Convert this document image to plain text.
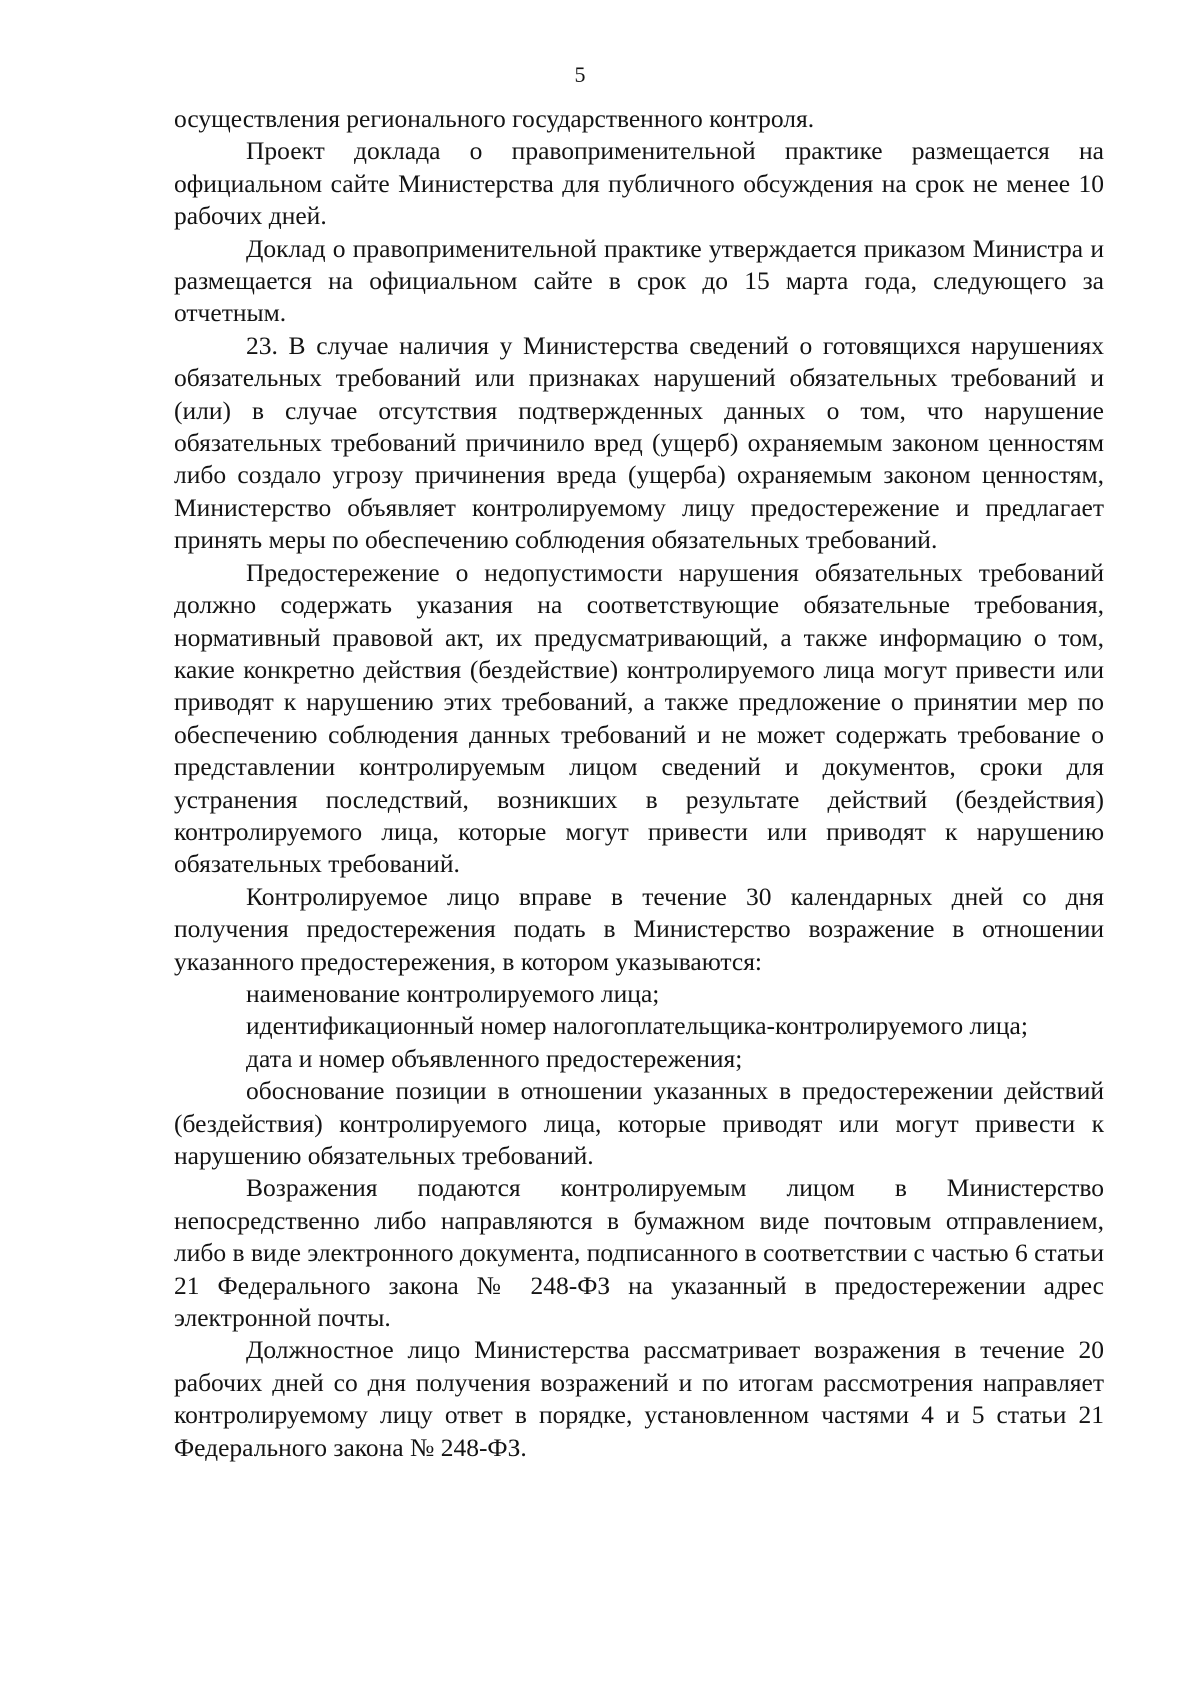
5

осуществления регионального государственного контроля.

Проект доклада о правоприменительной практике размещается на официальном сайте Министерства для публичного обсуждения на срок не менее 10 рабочих дней.

Доклад о правоприменительной практике утверждается приказом Министра и размещается на официальном сайте в срок до 15 марта года, следующего за отчетным.

23. В случае наличия у Министерства сведений о готовящихся нарушениях обязательных требований или признаках нарушений обязательных требований и (или) в случае отсутствия подтвержденных данных о том, что нарушение обязательных требований причинило вред (ущерб) охраняемым законом ценностям либо создало угрозу причинения вреда (ущерба) охраняемым законом ценностям, Министерство объявляет контролируемому лицу предостережение и предлагает принять меры по обеспечению соблюдения обязательных требований.

Предостережение о недопустимости нарушения обязательных требований должно содержать указания на соответствующие обязательные требования, нормативный правовой акт, их предусматривающий, а также информацию о том, какие конкретно действия (бездействие) контролируемого лица могут привести или приводят к нарушению этих требований, а также предложение о принятии мер по обеспечению соблюдения данных требований и не может содержать требование о представлении контролируемым лицом сведений и документов, сроки для устранения последствий, возникших в результате действий (бездействия) контролируемого лица, которые могут привести или приводят к нарушению обязательных требований.

Контролируемое лицо вправе в течение 30 календарных дней со дня получения предостережения подать в Министерство возражение в отношении указанного предостережения, в котором указываются:

наименование контролируемого лица;

идентификационный номер налогоплательщика-контролируемого лица;

дата и номер объявленного предостережения;

обоснование позиции в отношении указанных в предостережении действий (бездействия) контролируемого лица, которые приводят или могут привести к нарушению обязательных требований.

Возражения подаются контролируемым лицом в Министерство непосредственно либо направляются в бумажном виде почтовым отправлением, либо в виде электронного документа, подписанного в соответствии с частью 6 статьи 21 Федерального закона № 248-ФЗ на указанный в предостережении адрес электронной почты.

Должностное лицо Министерства рассматривает возражения в течение 20 рабочих дней со дня получения возражений и по итогам рассмотрения направляет контролируемому лицу ответ в порядке, установленном частями 4 и 5 статьи 21 Федерального закона № 248-ФЗ.
